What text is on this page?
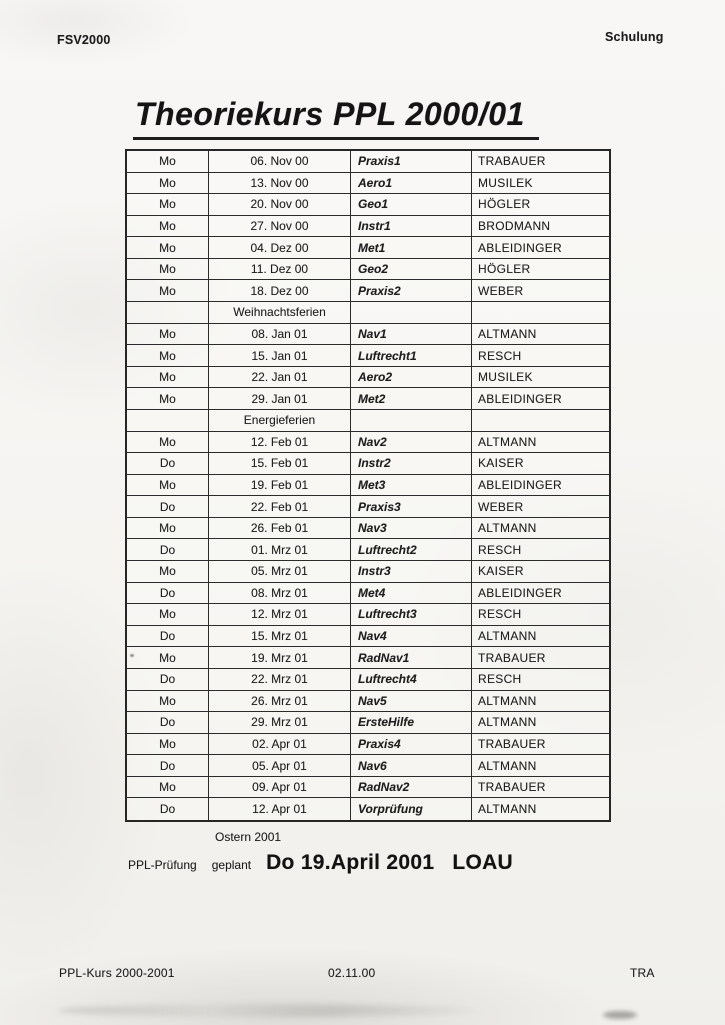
FSV2000	Schulung
Theoriekurs PPL 2000/01
Mo	06. Nov 00	Praxis1	TRABAUER
Mo	13. Nov 00	Aero1	MUSILEK
Mo	20. Nov 00	Geo1	HÖGLER
Mo	27. Nov 00	Instr1	BRODMANN
Mo	04. Dez 00	Met1	ABLEIDINGER
Mo	11. Dez 00	Geo2	HÖGLER
Mo	18. Dez 00	Praxis2	WEBER
Weihnachtsferien
Mo	08. Jan 01	Nav1	ALTMANN
Mo	15. Jan 01	Luftrecht1	RESCH
Mo	22. Jan 01	Aero2	MUSILEK
Mo	29. Jan 01	Met2	ABLEIDINGER
Energieferien
Mo	12. Feb 01	Nav2	ALTMANN
Do	15. Feb 01	Instr2	KAISER
Mo	19. Feb 01	Met3	ABLEIDINGER
Do	22. Feb 01	Praxis3	WEBER
Mo	26. Feb 01	Nav3	ALTMANN
Do	01. Mrz 01	Luftrecht2	RESCH
Mo	05. Mrz 01	Instr3	KAISER
Do	08. Mrz 01	Met4	ABLEIDINGER
Mo	12. Mrz 01	Luftrecht3	RESCH
Do	15. Mrz 01	Nav4	ALTMANN
Mo	19. Mrz 01	RadNav1	TRABAUER
Do	22. Mrz 01	Luftrecht4	RESCH
Mo	26. Mrz 01	Nav5	ALTMANN
Do	29. Mrz 01	ErsteHilfe	ALTMANN
Mo	02. Apr 01	Praxis4	TRABAUER
Do	05. Apr 01	Nav6	ALTMANN
Mo	09. Apr 01	RadNav2	TRABAUER
Do	12. Apr 01	Vorprüfung	ALTMANN
Ostern 2001
PPL-Prüfung geplant Do 19.April 2001 LOAU
PPL-Kurs 2000-2001	02.11.00	TRA
